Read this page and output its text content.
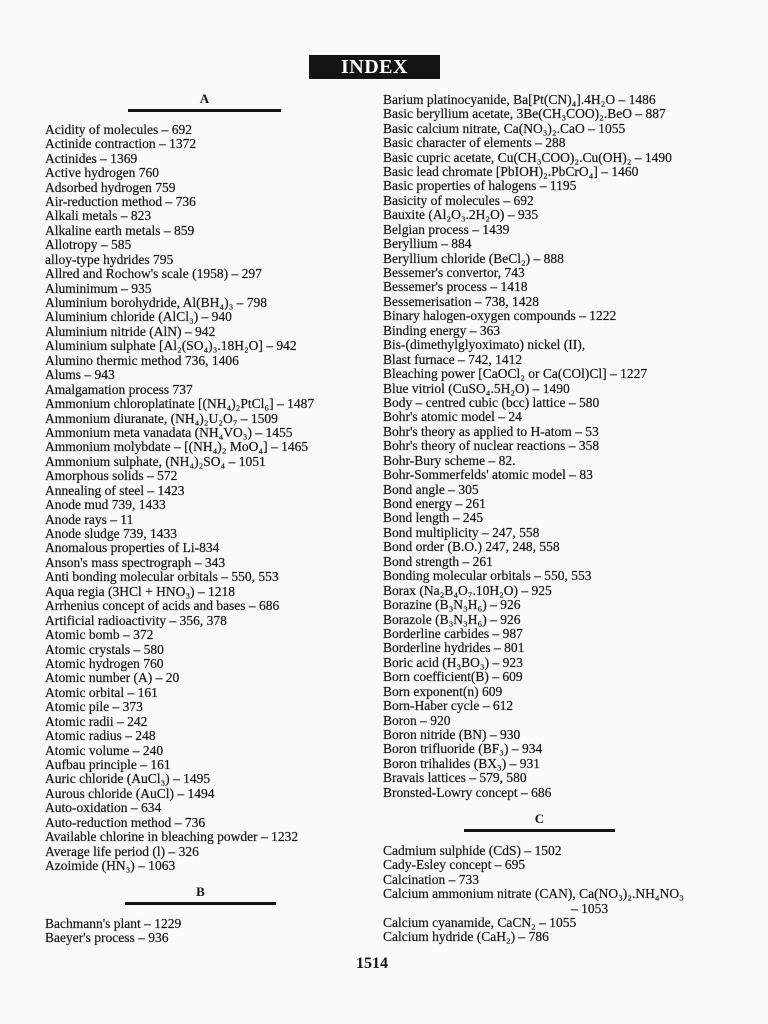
INDEX
A
Acidity of molecules – 692
Actinide contraction – 1372
Actinides – 1369
Active hydrogen 760
Adsorbed hydrogen 759
Air-reduction method – 736
Alkali metals – 823
Alkaline earth metals – 859
Allotropy – 585
alloy-type hydrides 795
Allred and Rochow's scale (1958) – 297
Aluminimum – 935
Aluminium borohydride, Al(BH₄)₃ – 798
Aluminium chloride (AlCl₃) – 940
Aluminium nitride (AlN) – 942
Aluminium sulphate [Al₂(SO₄)₃.18H₂O] – 942
Alumino thermic method 736, 1406
Alums – 943
Amalgamation process 737
Ammonium chloroplatinate [(NH₄)₂PtCl₆] – 1487
Ammonium diuranate, (NH₄)₂U₂O₇ – 1509
Ammonium meta vanadata (NH₄VO₃) – 1455
Ammonium molybdate – [(NH₄)₂ MoO₄] – 1465
Ammonium sulphate, (NH₄)₂SO₄ – 1051
Amorphous solids – 572
Annealing of steel – 1423
Anode mud 739, 1433
Anode rays – 11
Anode sludge 739, 1433
Anomalous properties of Li-834
Anson's mass spectrograph – 343
Anti bonding molecular orbitals – 550, 553
Aqua regia (3HCl + HNO₃) – 1218
Arrhenius concept of acids and bases – 686
Artificial radioactivity – 356, 378
Atomic bomb – 372
Atomic crystals – 580
Atomic hydrogen 760
Atomic number (A) – 20
Atomic orbital – 161
Atomic pile – 373
Atomic radii – 242
Atomic radius – 248
Atomic volume – 240
Aufbau principle – 161
Auric chloride (AuCl₃) – 1495
Aurous chloride (AuCl) – 1494
Auto-oxidation – 634
Auto-reduction method – 736
Available chlorine in bleaching powder – 1232
Average life period (l) – 326
Azoimide (HN₃) – 1063
B
Bachmann's plant – 1229
Baeyer's process – 936
Barium platinocyanide, Ba[Pt(CN)₄].4H₂O – 1486
Basic beryllium acetate, 3Be(CH₃COO)₂.BeO – 887
Basic calcium nitrate, Ca(NO₃)₂.CaO – 1055
Basic character of elements – 288
Basic cupric acetate, Cu(CH₃COO)₂.Cu(OH)₂ – 1490
Basic lead chromate [PbIOH)₂.PbCrO₄] – 1460
Basic properties of halogens – 1195
Basicity of molecules – 692
Bauxite (Al₂O₃.2H₂O) – 935
Belgian process – 1439
Beryllium – 884
Beryllium chloride (BeCl₂) – 888
Bessemer's convertor, 743
Bessemer's process – 1418
Bessemerisation – 738, 1428
Binary halogen-oxygen compounds – 1222
Binding energy – 363
Bis-(dimethylglyoximato) nickel (II),
Blast furnace – 742, 1412
Bleaching power [CaOCl₂ or Ca(COl)Cl] – 1227
Blue vitriol (CuSO₄.5H₂O) – 1490
Body – centred cubic (bcc) lattice – 580
Bohr's atomic model – 24
Bohr's theory as applied to H-atom – 53
Bohr's theory of nuclear reactions – 358
Bohr-Bury scheme – 82.
Bohr-Sommerfelds' atomic model – 83
Bond angle – 305
Bond energy – 261
Bond length – 245
Bond multiplicity – 247, 558
Bond order (B.O.) 247, 248, 558
Bond strength – 261
Bonding molecular orbitals – 550, 553
Borax (Na₂B₄O₇.10H₂O) – 925
Borazine (B₃N₃H₆) – 926
Borazole (B₃N₃H₆) – 926
Borderline carbides – 987
Borderline hydrides – 801
Boric acid (H₃BO₃) – 923
Born coefficient(B) – 609
Born exponent(n) 609
Born-Haber cycle – 612
Boron – 920
Boron nitride (BN) – 930
Boron trifluoride (BF₃) – 934
Boron trihalides (BX₃) – 931
Bravais lattices – 579, 580
Bronsted-Lowry concept – 686
C
Cadmium sulphide (CdS) – 1502
Cady-Esley concept – 695
Calcination – 733
Calcium ammonium nitrate (CAN), Ca(NO₃)₂.NH₄NO₃
– 1053
Calcium cyanamide, CaCN₂ – 1055
Calcium hydride (CaH₂) – 786
1514
